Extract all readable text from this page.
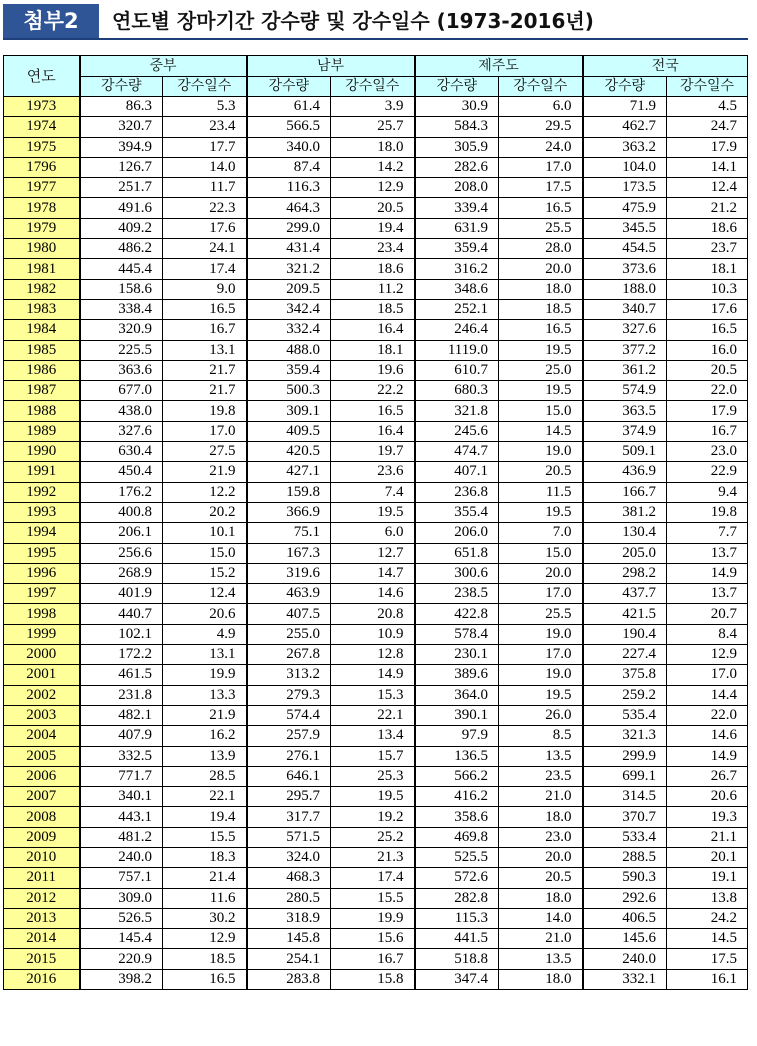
첨부2	연도별 장마기간 강수량 및 강수일수 (1973-2016년)
연도	중부		남부		제주도		전국	
	강수량	강수일수	강수량	강수일수	강수량	강수일수	강수량	강수일수
1973	86.3	5.3	61.4	3.9	30.9	6.0	71.9	4.5
1974	320.7	23.4	566.5	25.7	584.3	29.5	462.7	24.7
1975	394.9	17.7	340.0	18.0	305.9	24.0	363.2	17.9
1796	126.7	14.0	87.4	14.2	282.6	17.0	104.0	14.1
1977	251.7	11.7	116.3	12.9	208.0	17.5	173.5	12.4
1978	491.6	22.3	464.3	20.5	339.4	16.5	475.9	21.2
1979	409.2	17.6	299.0	19.4	631.9	25.5	345.5	18.6
1980	486.2	24.1	431.4	23.4	359.4	28.0	454.5	23.7
1981	445.4	17.4	321.2	18.6	316.2	20.0	373.6	18.1
1982	158.6	9.0	209.5	11.2	348.6	18.0	188.0	10.3
1983	338.4	16.5	342.4	18.5	252.1	18.5	340.7	17.6
1984	320.9	16.7	332.4	16.4	246.4	16.5	327.6	16.5
1985	225.5	13.1	488.0	18.1	1119.0	19.5	377.2	16.0
1986	363.6	21.7	359.4	19.6	610.7	25.0	361.2	20.5
1987	677.0	21.7	500.3	22.2	680.3	19.5	574.9	22.0
1988	438.0	19.8	309.1	16.5	321.8	15.0	363.5	17.9
1989	327.6	17.0	409.5	16.4	245.6	14.5	374.9	16.7
1990	630.4	27.5	420.5	19.7	474.7	19.0	509.1	23.0
1991	450.4	21.9	427.1	23.6	407.1	20.5	436.9	22.9
1992	176.2	12.2	159.8	7.4	236.8	11.5	166.7	9.4
1993	400.8	20.2	366.9	19.5	355.4	19.5	381.2	19.8
1994	206.1	10.1	75.1	6.0	206.0	7.0	130.4	7.7
1995	256.6	15.0	167.3	12.7	651.8	15.0	205.0	13.7
1996	268.9	15.2	319.6	14.7	300.6	20.0	298.2	14.9
1997	401.9	12.4	463.9	14.6	238.5	17.0	437.7	13.7
1998	440.7	20.6	407.5	20.8	422.8	25.5	421.5	20.7
1999	102.1	4.9	255.0	10.9	578.4	19.0	190.4	8.4
2000	172.2	13.1	267.8	12.8	230.1	17.0	227.4	12.9
2001	461.5	19.9	313.2	14.9	389.6	19.0	375.8	17.0
2002	231.8	13.3	279.3	15.3	364.0	19.5	259.2	14.4
2003	482.1	21.9	574.4	22.1	390.1	26.0	535.4	22.0
2004	407.9	16.2	257.9	13.4	97.9	8.5	321.3	14.6
2005	332.5	13.9	276.1	15.7	136.5	13.5	299.9	14.9
2006	771.7	28.5	646.1	25.3	566.2	23.5	699.1	26.7
2007	340.1	22.1	295.7	19.5	416.2	21.0	314.5	20.6
2008	443.1	19.4	317.7	19.2	358.6	18.0	370.7	19.3
2009	481.2	15.5	571.5	25.2	469.8	23.0	533.4	21.1
2010	240.0	18.3	324.0	21.3	525.5	20.0	288.5	20.1
2011	757.1	21.4	468.3	17.4	572.6	20.5	590.3	19.1
2012	309.0	11.6	280.5	15.5	282.8	18.0	292.6	13.8
2013	526.5	30.2	318.9	19.9	115.3	14.0	406.5	24.2
2014	145.4	12.9	145.8	15.6	441.5	21.0	145.6	14.5
2015	220.9	18.5	254.1	16.7	518.8	13.5	240.0	17.5
2016	398.2	16.5	283.8	15.8	347.4	18.0	332.1	16.1
